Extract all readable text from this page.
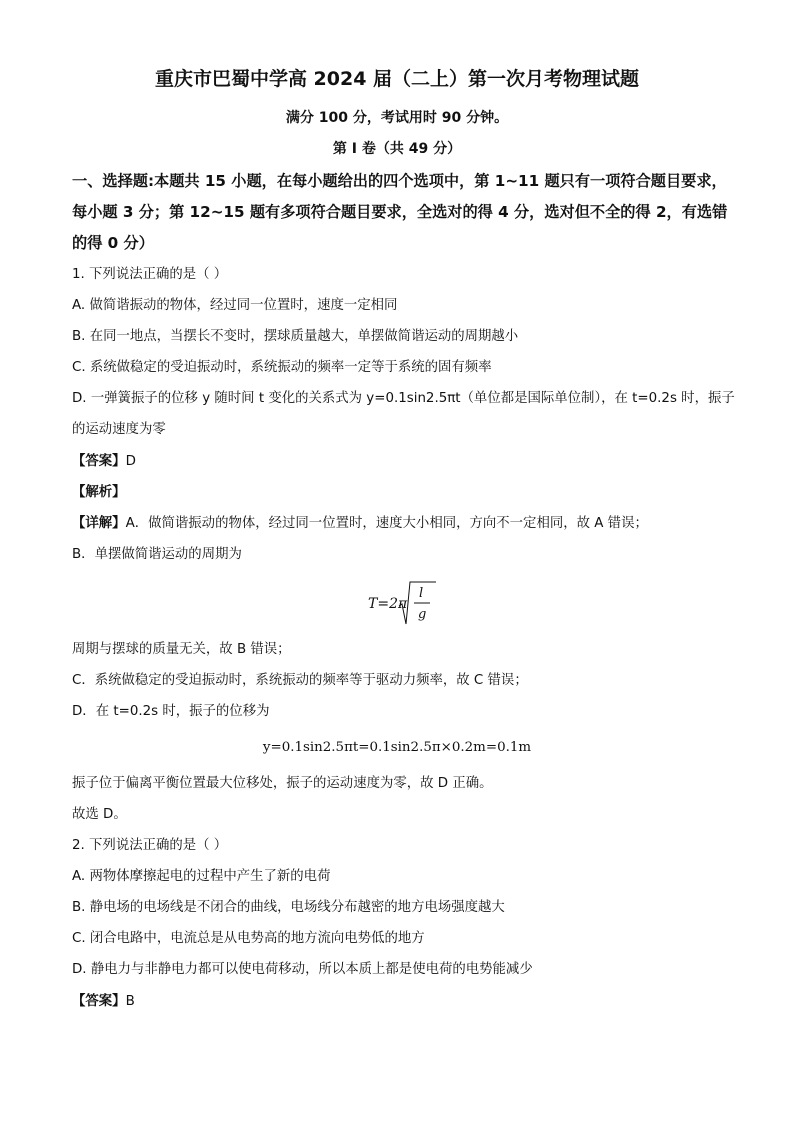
重庆市巴蜀中学高 2024 届（二上）第一次月考物理试题
满分 100 分，考试用时 90 分钟。
第 I 卷（共 49 分）
一、选择题:本题共 15 小题，在每小题给出的四个选项中，第 1~11 题只有一项符合题目要求，
每小题 3 分；第 12~15 题有多项符合题目要求，全选对的得 4 分，选对但不全的得 2，有选错
的得 0 分）
1. 下列说法正确的是（ ）
A. 做简谐振动的物体，经过同一位置时，速度一定相同
B. 在同一地点，当摆长不变时，摆球质量越大，单摆做简谐运动的周期越小
C. 系统做稳定的受迫振动时，系统振动的频率一定等于系统的固有频率
D. 一弹簧振子的位移 y 随时间 t 变化的关系式为 y=0.1sin2.5πt（单位都是国际单位制），在 t=0.2s 时，振子
的运动速度为零
【答案】D
【解析】
【详解】A．做简谐振动的物体，经过同一位置时，速度大小相同，方向不一定相同，故 A 错误；
B．单摆做简谐运动的周期为
T=2π
l
g
周期与摆球的质量无关，故 B 错误；
C．系统做稳定的受迫振动时，系统振动的频率等于驱动力频率，故 C 错误；
D．在 t=0.2s 时，振子的位移为
y=0.1sin2.5πt=0.1sin2.5π×0.2m=0.1m
振子位于偏离平衡位置最大位移处，振子的运动速度为零，故 D 正确。
故选 D。
2. 下列说法正确的是（ ）
A. 两物体摩擦起电的过程中产生了新的电荷
B. 静电场的电场线是不闭合的曲线，电场线分布越密的地方电场强度越大
C. 闭合电路中，电流总是从电势高的地方流向电势低的地方
D. 静电力与非静电力都可以使电荷移动，所以本质上都是使电荷的电势能减少
【答案】B
